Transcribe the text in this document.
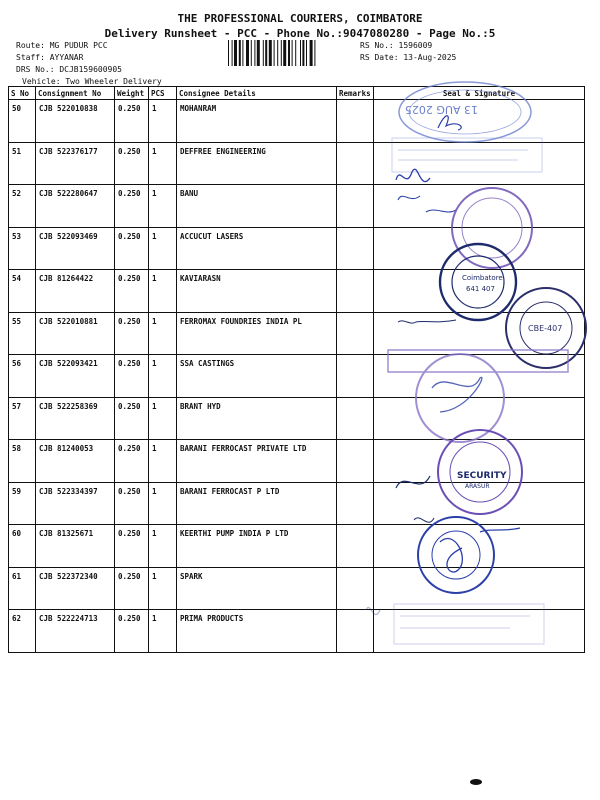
THE PROFESSIONAL COURIERS, COIMBATORE
Delivery Runsheet - PCC - Phone No.:9047080280 - Page No.:5
Route: MG PUDUR PCC
Staff: AYYANAR
DRS No.: DCJB159600905
Vehicle: Two Wheeler Delivery
RS No.: 1596009
RS Date: 13-Aug-2025
S No	Consignment No	Weight	PCS	Consignee Details	Remarks	Seal & Signature
50	CJB 522010838	0.250	1	MOHANRAM		
51	CJB 522376177	0.250	1	DEFFREE ENGINEERING		
52	CJB 522280647	0.250	1	BANU		
53	CJB 522093469	0.250	1	ACCUCUT LASERS		
54	CJB 81264422	0.250	1	KAVIARASN		
55	CJB 522010881	0.250	1	FERROMAX FOUNDRIES INDIA PL		
56	CJB 522093421	0.250	1	SSA CASTINGS		
57	CJB 522258369	0.250	1	BRANT HYD		
58	CJB 81240053	0.250	1	BARANI FERROCAST PRIVATE LTD		
59	CJB 522334397	0.250	1	BARANI FERROCAST P LTD		
60	CJB 81325671	0.250	1	KEERTHI PUMP INDIA P LTD		
61	CJB 522372340	0.250	1	SPARK		
62	CJB 522224713	0.250	1	PRIMA PRODUCTS		
13 AUG 2025
Coimbatore
641 407
CBE-407
SECURITY
ARASUR
